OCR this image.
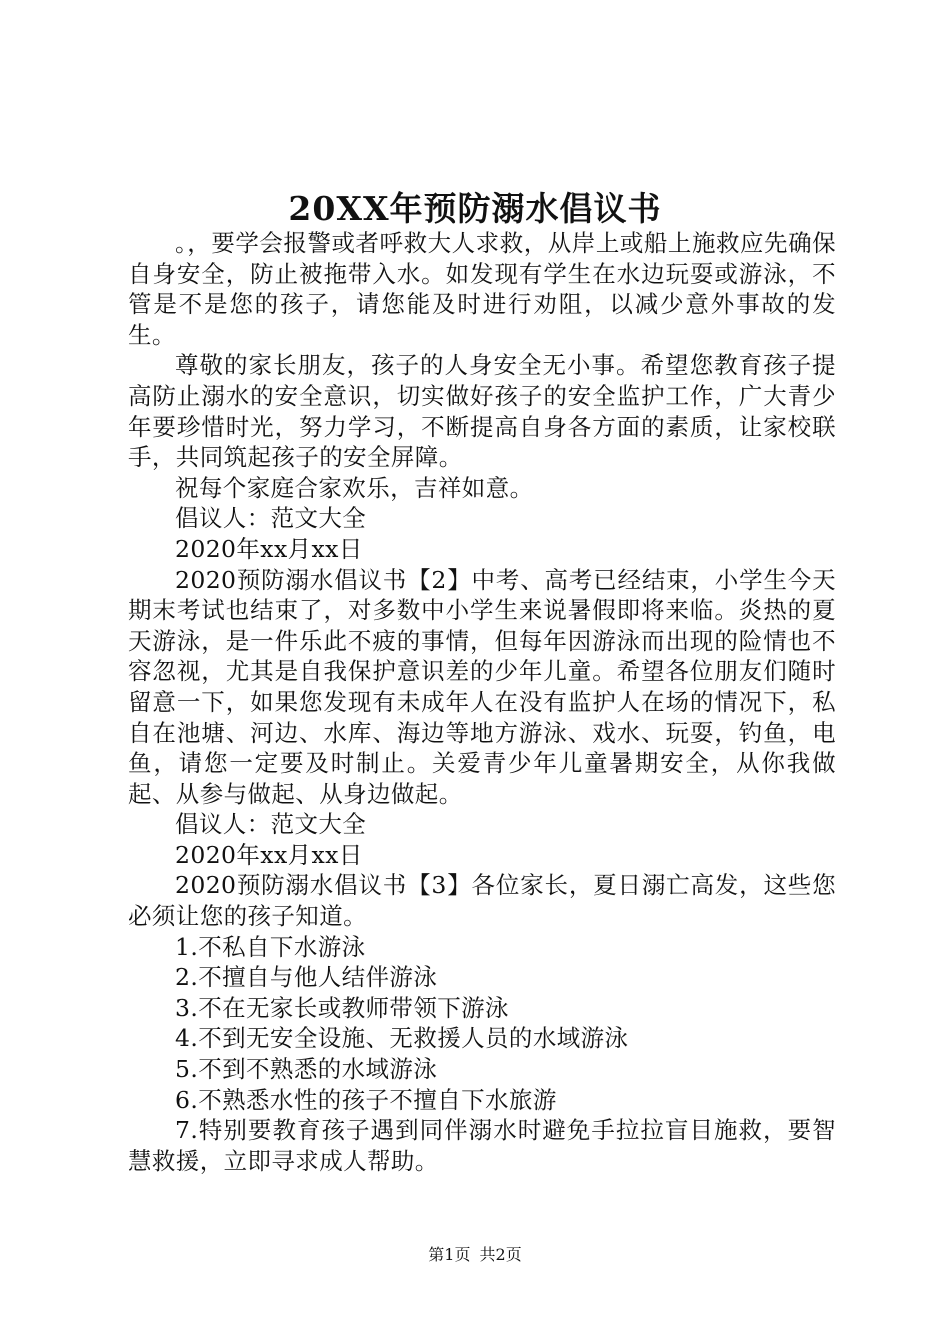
20XX年预防溺水倡议书

。，要学会报警或者呼救大人求救，从岸上或船上施救应先确保自身安全，防止被拖带入水。如发现有学生在水边玩耍或游泳，不管是不是您的孩子，请您能及时进行劝阻，以减少意外事故的发生。

尊敬的家长朋友，孩子的人身安全无小事。希望您教育孩子提高防止溺水的安全意识，切实做好孩子的安全监护工作，广大青少年要珍惜时光，努力学习，不断提高自身各方面的素质，让家校联手，共同筑起孩子的安全屏障。

祝每个家庭合家欢乐，吉祥如意。

倡议人：范文大全

2020年xx月xx日

2020预防溺水倡议书【2】中考、高考已经结束，小学生今天期末考试也结束了，对多数中小学生来说暑假即将来临。炎热的夏天游泳，是一件乐此不疲的事情，但每年因游泳而出现的险情也不容忽视，尤其是自我保护意识差的少年儿童。希望各位朋友们随时留意一下，如果您发现有未成年人在没有监护人在场的情况下，私自在池塘、河边、水库、海边等地方游泳、戏水、玩耍，钓鱼，电鱼，请您一定要及时制止。关爱青少年儿童暑期安全，从你我做起、从参与做起、从身边做起。

倡议人：范文大全

2020年xx月xx日

2020预防溺水倡议书【3】各位家长，夏日溺亡高发，这些您必须让您的孩子知道。

1.不私自下水游泳

2.不擅自与他人结伴游泳

3.不在无家长或教师带领下游泳

4.不到无安全设施、无救援人员的水域游泳

5.不到不熟悉的水域游泳

6.不熟悉水性的孩子不擅自下水旅游

7.特别要教育孩子遇到同伴溺水时避免手拉拉盲目施救，要智慧救援，立即寻求成人帮助。

第1页 共2页
